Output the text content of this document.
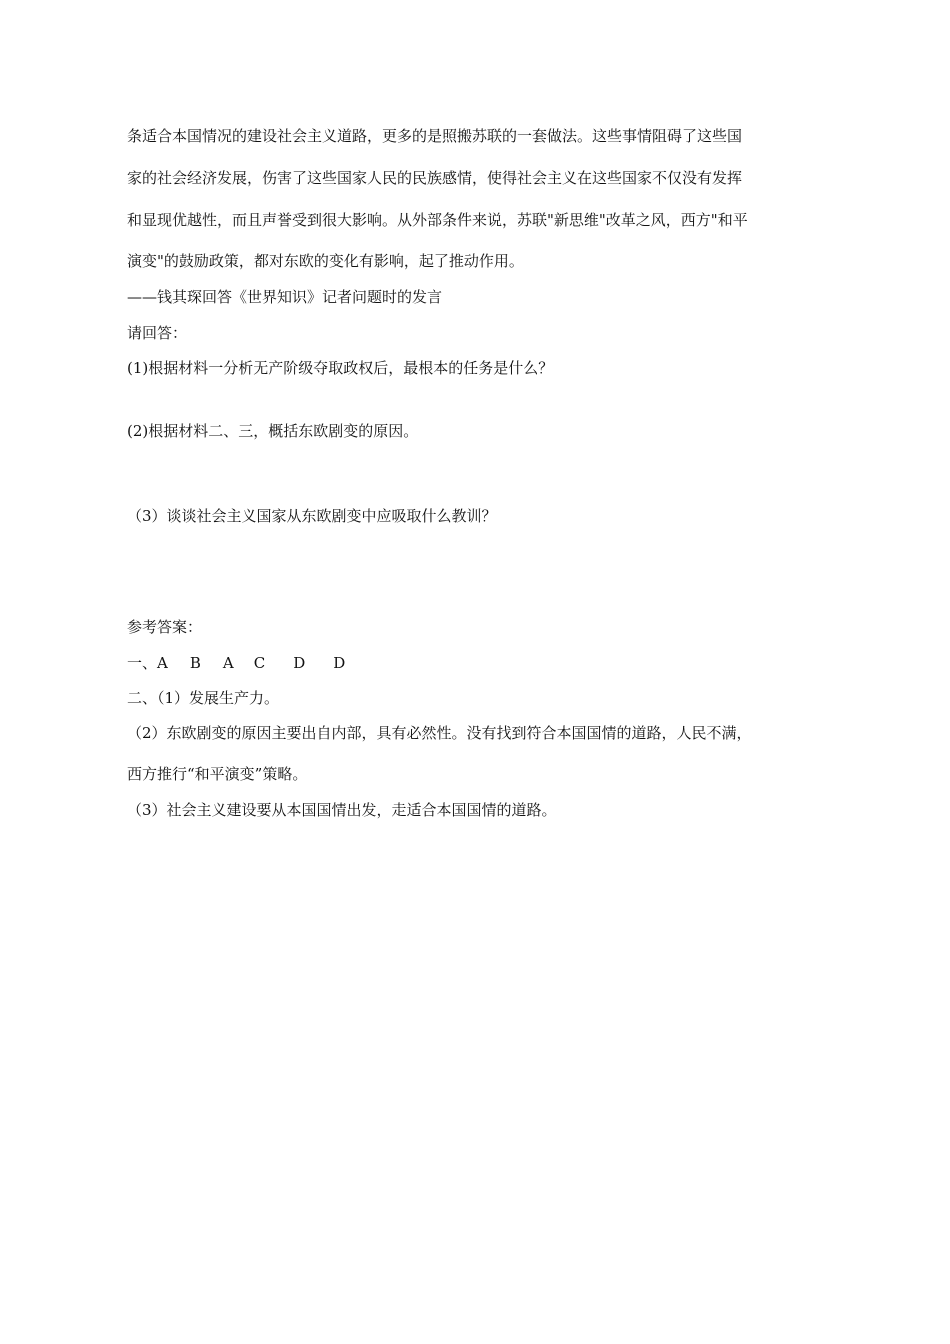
条适合本国情况的建设社会主义道路，更多的是照搬苏联的一套做法。这些事情阻碍了这些国
家的社会经济发展，伤害了这些国家人民的民族感情，使得社会主义在这些国家不仅没有发挥
和显现优越性，而且声誉受到很大影响。从外部条件来说，苏联"新思维"改革之风，西方"和平
演变"的鼓励政策，都对东欧的变化有影响，起了推动作用。
——钱其琛回答《世界知识》记者问题时的发言
请回答：
(1)根据材料一分析无产阶级夺取政权后，最根本的任务是什么？
(2)根据材料二、三，概括东欧剧变的原因。
（3）谈谈社会主义国家从东欧剧变中应吸取什么教训？
参考答案：
一、A B A C D D
二、（1）发展生产力。
（2）东欧剧变的原因主要出自内部，具有必然性。没有找到符合本国国情的道路，人民不满，
西方推行“和平演变”策略。
（3）社会主义建设要从本国国情出发，走适合本国国情的道路。
